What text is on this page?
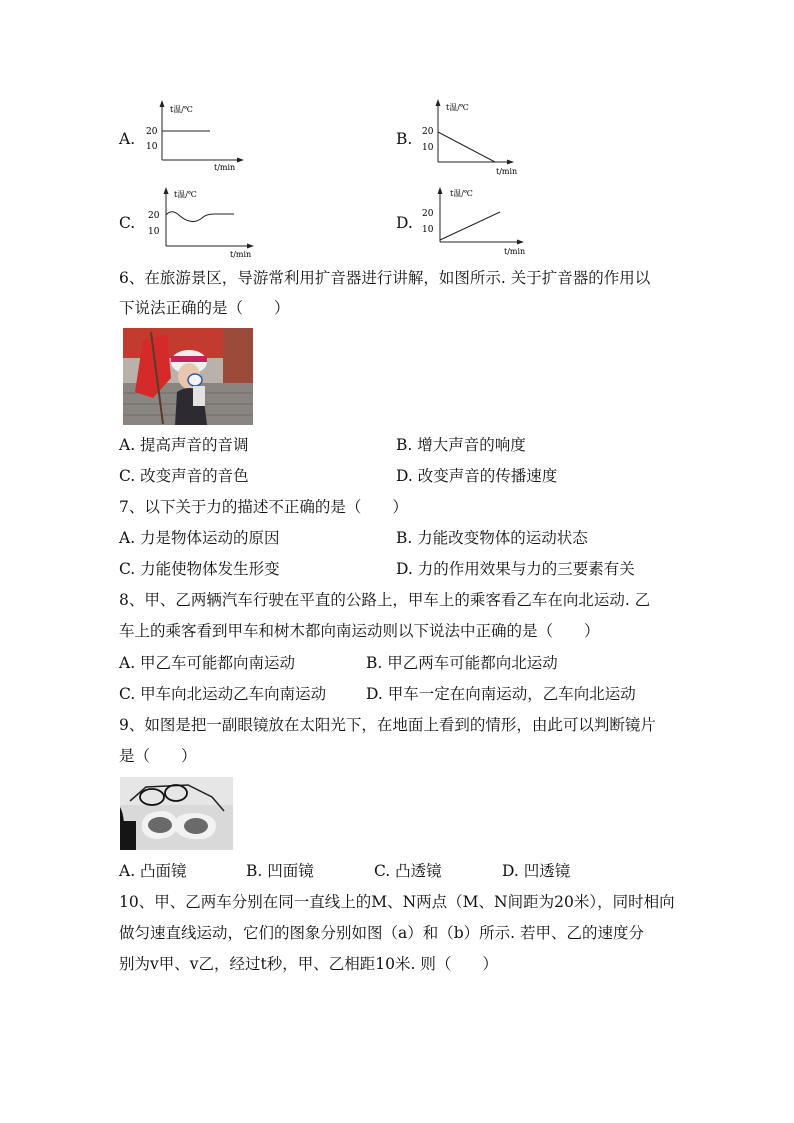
A.
t温/℃
20
10
t/min
B.
t温/℃
20
10
t/min
C.
t温/℃
20
10
t/min
D.
t温/℃
20
10
t/min
6、在旅游景区，导游常利用扩音器进行讲解，如图所示. 关于扩音器的作用以
下说法正确的是（　　）
A. 提高声音的音调	B. 增大声音的响度
C. 改变声音的音色	D. 改变声音的传播速度
7、以下关于力的描述不正确的是（　　）
A. 力是物体运动的原因	B. 力能改变物体的运动状态
C. 力能使物体发生形变	D. 力的作用效果与力的三要素有关
8、甲、乙两辆汽车行驶在平直的公路上，甲车上的乘客看乙车在向北运动. 乙
车上的乘客看到甲车和树木都向南运动则以下说法中正确的是（　　）
A. 甲乙车可能都向南运动	B. 甲乙两车可能都向北运动
C. 甲车向北运动乙车向南运动	D. 甲车一定在向南运动，乙车向北运动
9、如图是把一副眼镜放在太阳光下，在地面上看到的情形，由此可以判断镜片
是（　　）
A. 凸面镜	B. 凹面镜	C. 凸透镜	D. 凹透镜
10、甲、乙两车分别在同一直线上的M、N两点（M、N间距为20米），同时相向
做匀速直线运动，它们的图象分别如图（a）和（b）所示. 若甲、乙的速度分
别为v甲、v乙，经过t秒，甲、乙相距10米. 则（　　）
